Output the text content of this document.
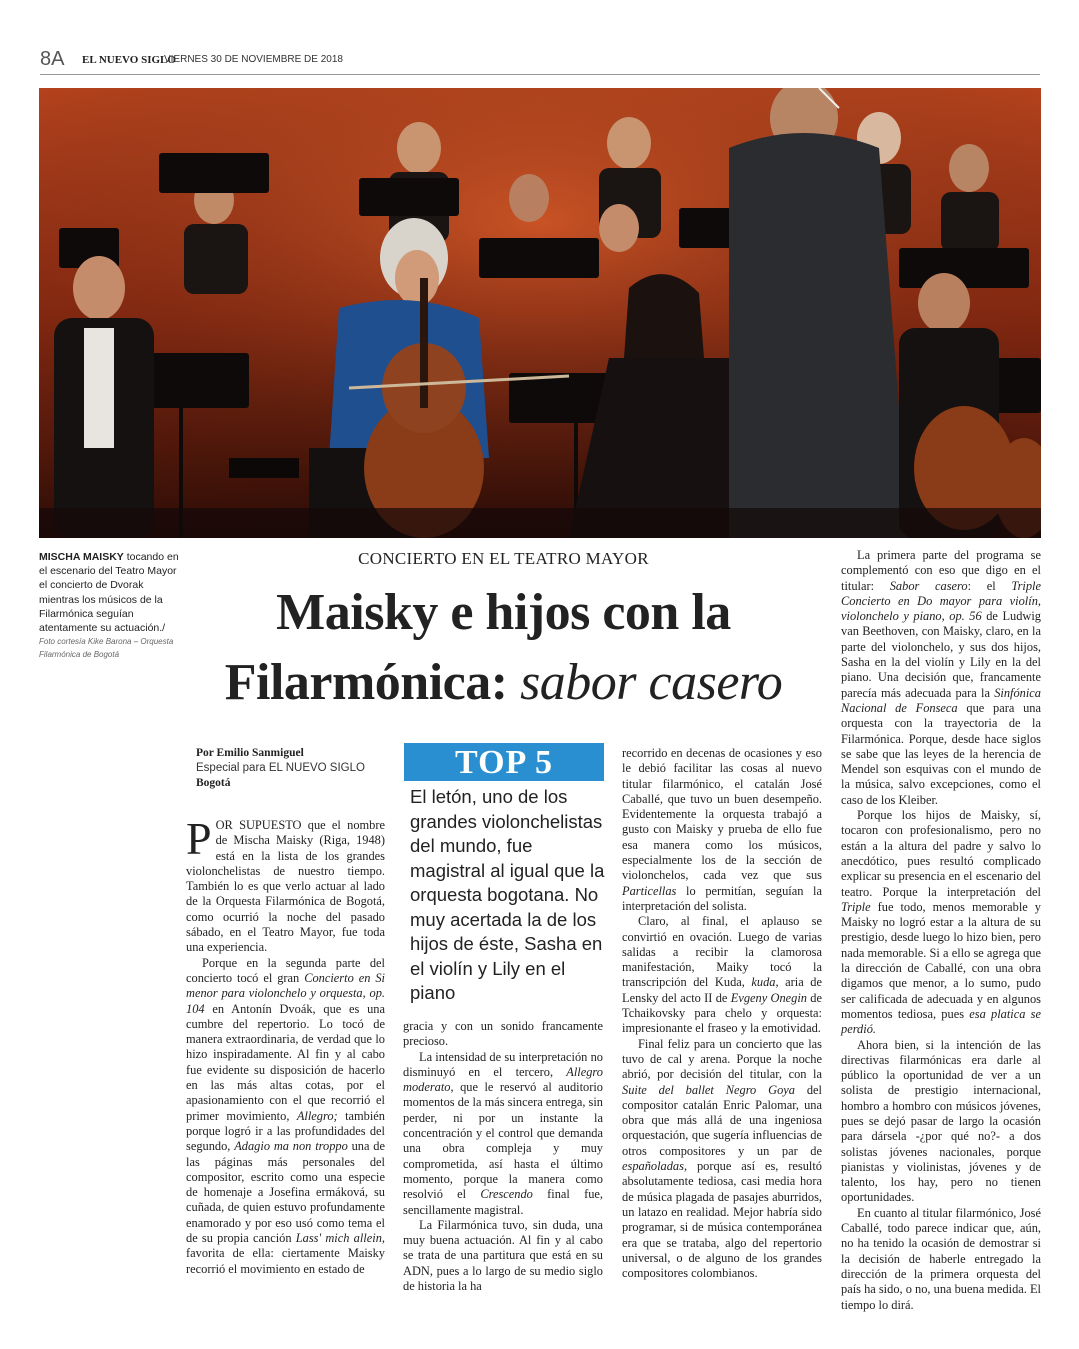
8A EL NUEVO SIGLO
VIERNES 30 DE NOVIEMBRE DE 2018
MISCHA MAISKY tocando en el escenario del Teatro Mayor el concierto de Dvorak mientras los músicos de la Filarmónica seguían atentamente su actuación./
Foto cortesía Kike Barona – Orquesta Filarmónica de Bogotá
CONCIERTO EN EL TEATRO MAYOR
Maisky e hijos con la
Filarmónica: sabor casero
Por Emilio Sanmiguel
Especial para EL NUEVO SIGLO
Bogotá
TOP 5
El letón, uno de los grandes violonchelistas del mundo, fue magistral al igual que la orquesta bogotana. No muy acertada la de los hijos de éste, Sasha en el violín y Lily en el piano

POR SUPUESTO que el nombre de Mischa Maisky (Riga, 1948) está en la lista de los grandes violonchelistas de nuestro tiempo. También lo es que verlo actuar al lado de la Orquesta Filarmónica de Bogotá, como ocurrió la noche del pasado sábado, en el Teatro Mayor, fue toda una experiencia.

Porque en la segunda parte del concierto tocó el gran Concierto en Si menor para violonchelo y orquesta, op. 104 en Antonín Dvoák, que es una cumbre del repertorio. Lo tocó de manera extraordinaria, de verdad que lo hizo inspiradamente. Al fin y al cabo fue evidente su disposición de hacerlo en las más altas cotas, por el apasionamiento con el que recorrió el primer movimiento, Allegro; también porque logró ir a las profundidades del segundo, Adagio ma non troppo una de las páginas más personales del compositor, escrito como una especie de homenaje a Josefina ermáková, su cuñada, de quien estuvo profundamente enamorado y por eso usó como tema el de su propia canción Lass' mich allein, favorita de ella: ciertamente Maisky recorrió el movimiento en estado de

gracia y con un sonido francamente precioso.

La intensidad de su interpretación no disminuyó en el tercero, Allegro moderato, que le reservó al auditorio momentos de la más sincera entrega, sin perder, ni por un instante la concentración y el control que demanda una obra compleja y muy comprometida, así hasta el último momento, porque la manera como resolvió el Crescendo final fue, sencillamente magistral.

La Filarmónica tuvo, sin duda, una muy buena actuación. Al fin y al cabo se trata de una partitura que está en su ADN, pues a lo largo de su medio siglo de historia la ha

recorrido en decenas de ocasiones y eso le debió facilitar las cosas al nuevo titular filarmónico, el catalán José Caballé, que tuvo un buen desempeño. Evidentemente la orquesta trabajó a gusto con Maisky y prueba de ello fue esa manera como los músicos, especialmente los de la sección de violonchelos, cada vez que sus Particellas lo permitían, seguían la interpretación del solista.

Claro, al final, el aplauso se convirtió en ovación. Luego de varias salidas a recibir la clamorosa manifestación, Maiky tocó la transcripción del Kuda, kuda, aria de Lensky del acto II de Evgeny Onegin de Tchaikovsky para chelo y orquesta: impresionante el fraseo y la emotividad.

Final feliz para un concierto que las tuvo de cal y arena. Porque la noche abrió, por decisión del titular, con la Suite del ballet Negro Goya del compositor catalán Enric Palomar, una obra que más allá de una ingeniosa orquestación, que sugería influencias de otros compositores y un par de españoladas, porque así es, resultó absolutamente tediosa, casi media hora de música plagada de pasajes aburridos, un latazo en realidad. Mejor habría sido programar, si de música contemporánea era que se trataba, algo del repertorio universal, o de alguno de los grandes compositores colombianos.

La primera parte del programa se complementó con eso que digo en el titular: Sabor casero: el Triple Concierto en Do mayor para violín, violonchelo y piano, op. 56 de Ludwig van Beethoven, con Maisky, claro, en la parte del violonchelo, y sus dos hijos, Sasha en la del violín y Lily en la del piano. Una decisión que, francamente parecía más adecuada para la Sinfónica Nacional de Fonseca que para una orquesta con la trayectoria de la Filarmónica. Porque, desde hace siglos se sabe que las leyes de la herencia de Mendel son esquivas con el mundo de la música, salvo excepciones, como el caso de los Kleiber.

Porque los hijos de Maisky, sí, tocaron con profesionalismo, pero no están a la altura del padre y salvo lo anecdótico, pues resultó complicado explicar su presencia en el escenario del teatro. Porque la interpretación del Triple fue todo, menos memorable y Maisky no logró estar a la altura de su prestigio, desde luego lo hizo bien, pero nada memorable. Si a ello se agrega que la dirección de Caballé, con una obra digamos que menor, a lo sumo, pudo ser calificada de adecuada y en algunos momentos tediosa, pues esa platica se perdió.

Ahora bien, si la intención de las directivas filarmónicas era darle al público la oportunidad de ver a un solista de prestigio internacional, hombro a hombro con músicos jóvenes, pues se dejó pasar de largo la ocasión para dársela -¿por qué no?- a dos solistas jóvenes nacionales, porque pianistas y violinistas, jóvenes y de talento, los hay, pero no tienen oportunidades.

En cuanto al titular filarmónico, José Caballé, todo parece indicar que, aún, no ha tenido la ocasión de demostrar si la decisión de haberle entregado la dirección de la primera orquesta del país ha sido, o no, una buena medida. El tiempo lo dirá.
